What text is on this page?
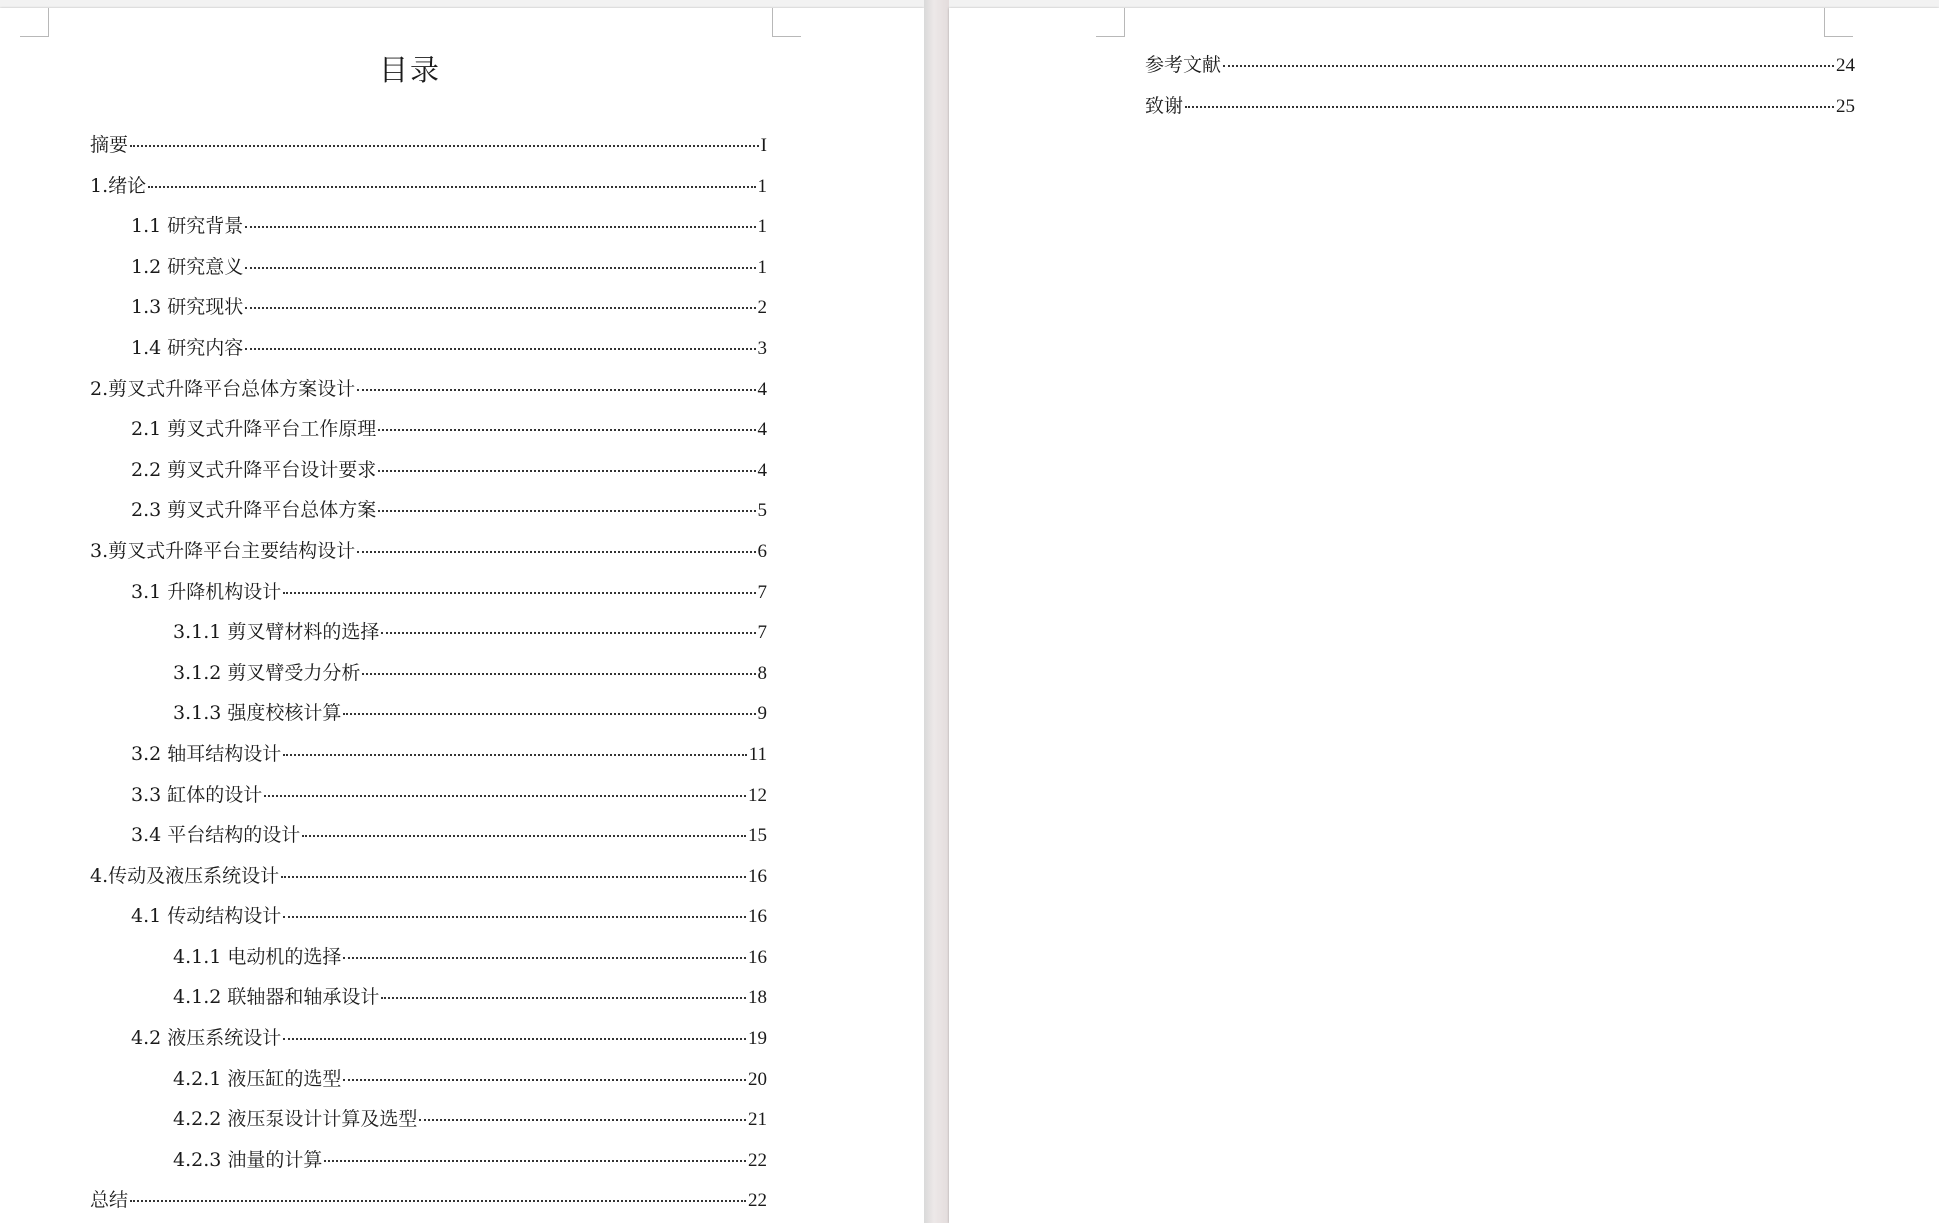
目录
摘要	I
1.绪论	1
1.1 研究背景	1
1.2 研究意义	1
1.3 研究现状	2
1.4 研究内容	3
2.剪叉式升降平台总体方案设计	4
2.1 剪叉式升降平台工作原理	4
2.2 剪叉式升降平台设计要求	4
2.3 剪叉式升降平台总体方案	5
3.剪叉式升降平台主要结构设计	6
3.1 升降机构设计	7
3.1.1 剪叉臂材料的选择	7
3.1.2 剪叉臂受力分析	8
3.1.3 强度校核计算	9
3.2 轴耳结构设计	11
3.3 缸体的设计	12
3.4 平台结构的设计	15
4.传动及液压系统设计	16
4.1 传动结构设计	16
4.1.1 电动机的选择	16
4.1.2 联轴器和轴承设计	18
4.2 液压系统设计	19
4.2.1 液压缸的选型	20
4.2.2 液压泵设计计算及选型	21
4.2.3 油量的计算	22
总结	22
参考文献	24
致谢	25
